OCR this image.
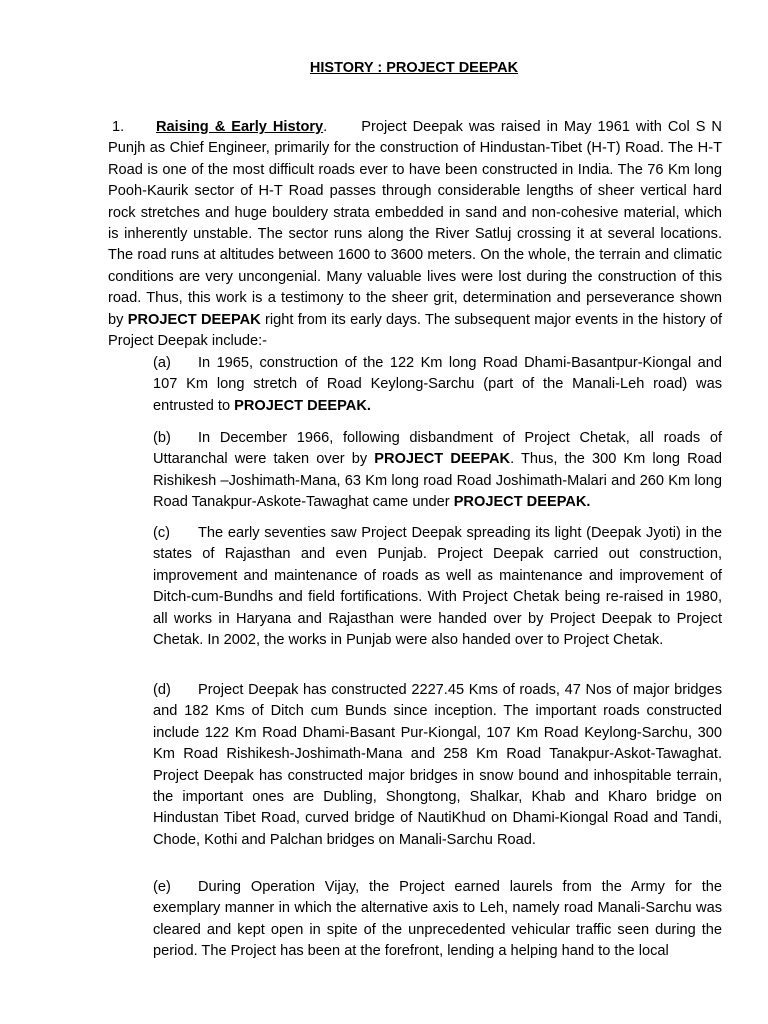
HISTORY : PROJECT DEEPAK

1. Raising & Early History. Project Deepak was raised in May 1961 with Col S N Punjh as Chief Engineer, primarily for the construction of Hindustan-Tibet (H-T) Road. The H-T Road is one of the most difficult roads ever to have been constructed in India. The 76 Km long Pooh-Kaurik sector of H-T Road passes through considerable lengths of sheer vertical hard rock stretches and huge bouldery strata embedded in sand and non-cohesive material, which is inherently unstable. The sector runs along the River Satluj crossing it at several locations. The road runs at altitudes between 1600 to 3600 meters. On the whole, the terrain and climatic conditions are very uncongenial. Many valuable lives were lost during the construction of this road. Thus, this work is a testimony to the sheer grit, determination and perseverance shown by PROJECT DEEPAK right from its early days. The subsequent major events in the history of Project Deepak include:-

(a) In 1965, construction of the 122 Km long Road Dhami-Basantpur-Kiongal and 107 Km long stretch of Road Keylong-Sarchu (part of the Manali-Leh road) was entrusted to PROJECT DEEPAK.

(b) In December 1966, following disbandment of Project Chetak, all roads of Uttaranchal were taken over by PROJECT DEEPAK. Thus, the 300 Km long Road Rishikesh –Joshimath-Mana, 63 Km long road Road Joshimath-Malari and 260 Km long Road Tanakpur-Askote-Tawaghat came under PROJECT DEEPAK.

(c) The early seventies saw Project Deepak spreading its light (Deepak Jyoti) in the states of Rajasthan and even Punjab. Project Deepak carried out construction, improvement and maintenance of roads as well as maintenance and improvement of Ditch-cum-Bundhs and field fortifications. With Project Chetak being re-raised in 1980, all works in Haryana and Rajasthan were handed over by Project Deepak to Project Chetak. In 2002, the works in Punjab were also handed over to Project Chetak.

(d) Project Deepak has constructed 2227.45 Kms of roads, 47 Nos of major bridges and 182 Kms of Ditch cum Bunds since inception. The important roads constructed include 122 Km Road Dhami-Basant Pur-Kiongal, 107 Km Road Keylong-Sarchu, 300 Km Road Rishikesh-Joshimath-Mana and 258 Km Road Tanakpur-Askot-Tawaghat. Project Deepak has constructed major bridges in snow bound and inhospitable terrain, the important ones are Dubling, Shongtong, Shalkar, Khab and Kharo bridge on Hindustan Tibet Road, curved bridge of NautiKhud on Dhami-Kiongal Road and Tandi, Chode, Kothi and Palchan bridges on Manali-Sarchu Road.

(e) During Operation Vijay, the Project earned laurels from the Army for the exemplary manner in which the alternative axis to Leh, namely road Manali-Sarchu was cleared and kept open in spite of the unprecedented vehicular traffic seen during the period. The Project has been at the forefront, lending a helping hand to the local
